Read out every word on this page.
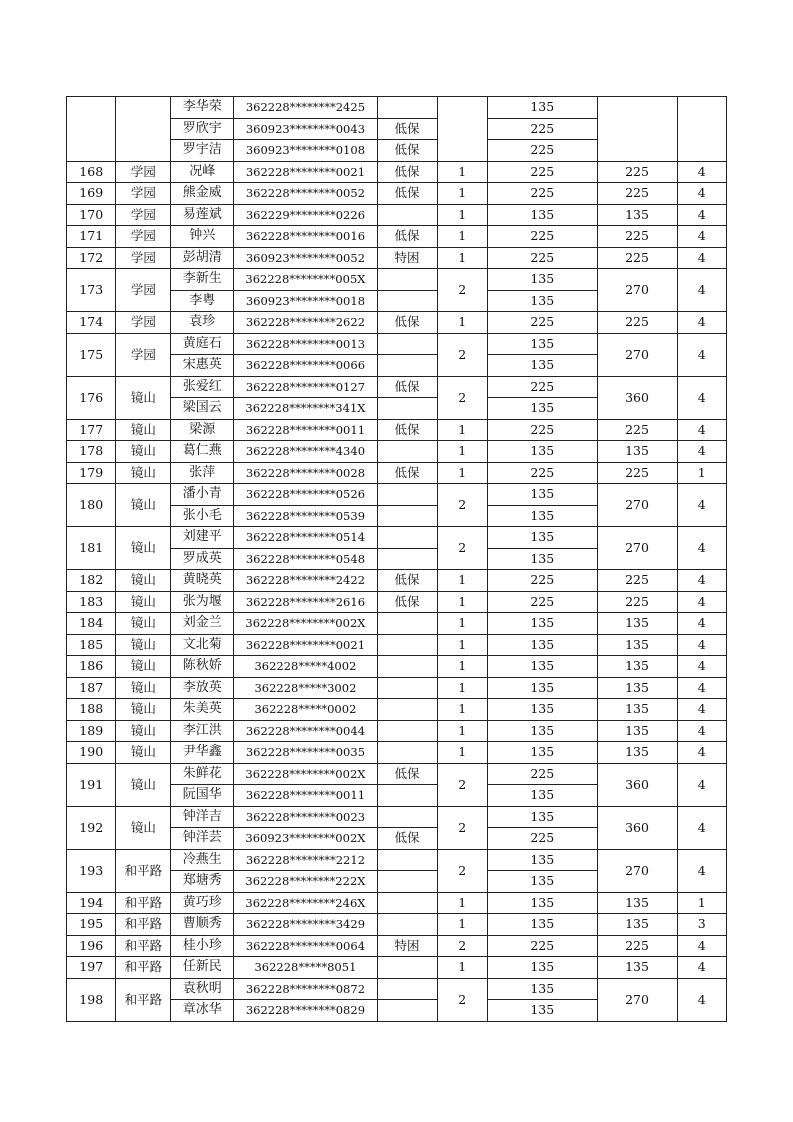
		李华荣	362228********2425			135		
		罗欣宇	360923********0043	低保		225		
		罗宇洁	360923********0108	低保		225		
168	学园	况峰	362228********0021	低保	1	225	225	4
169	学园	熊金威	362228********0052	低保	1	225	225	4
170	学园	易莲斌	362229********0226		1	135	135	4
171	学园	钟兴	362228********0016	低保	1	225	225	4
172	学园	彭胡清	360923********0052	特困	1	225	225	4
173	学园	李新生	362228********005X		2	135	270	4
		李粤	360923********0018			135		
174	学园	袁珍	362228********2622	低保	1	225	225	4
175	学园	黄庭石	362228********0013		2	135	270	4
		宋惠英	362228********0066			135		
176	镜山	张爱红	362228********0127	低保	2	225	360	4
		梁国云	362228********341X			135		
177	镜山	梁源	362228********0011	低保	1	225	225	4
178	镜山	葛仁燕	362228********4340		1	135	135	4
179	镜山	张萍	362228********0028	低保	1	225	225	1
180	镜山	潘小青	362228********0526		2	135	270	4
		张小毛	362228********0539			135		
181	镜山	刘建平	362228********0514		2	135	270	4
		罗成英	362228********0548			135		
182	镜山	黄晓英	362228********2422	低保	1	225	225	4
183	镜山	张为堰	362228********2616	低保	1	225	225	4
184	镜山	刘金兰	362228********002X		1	135	135	4
185	镜山	文北菊	362228********0021		1	135	135	4
186	镜山	陈秋娇	362228*****4002		1	135	135	4
187	镜山	李放英	362228*****3002		1	135	135	4
188	镜山	朱美英	362228*****0002		1	135	135	4
189	镜山	李江洪	362228********0044		1	135	135	4
190	镜山	尹华鑫	362228********0035		1	135	135	4
191	镜山	朱鲜花	362228********002X	低保	2	225	360	4
		阮国华	362228********0011			135		
192	镜山	钟洋吉	362228********0023		2	135	360	4
		钟洋芸	360923********002X	低保		225		
193	和平路	冷燕生	362228********2212		2	135	270	4
		郑塘秀	362228********222X			135		
194	和平路	黄巧珍	362228********246X		1	135	135	1
195	和平路	曹顺秀	362228********3429		1	135	135	3
196	和平路	桂小珍	362228********0064	特困	2	225	225	4
197	和平路	任新民	362228*****8051		1	135	135	4
198	和平路	袁秋明	362228********0872		2	135	270	4
		章冰华	362228********0829			135		
